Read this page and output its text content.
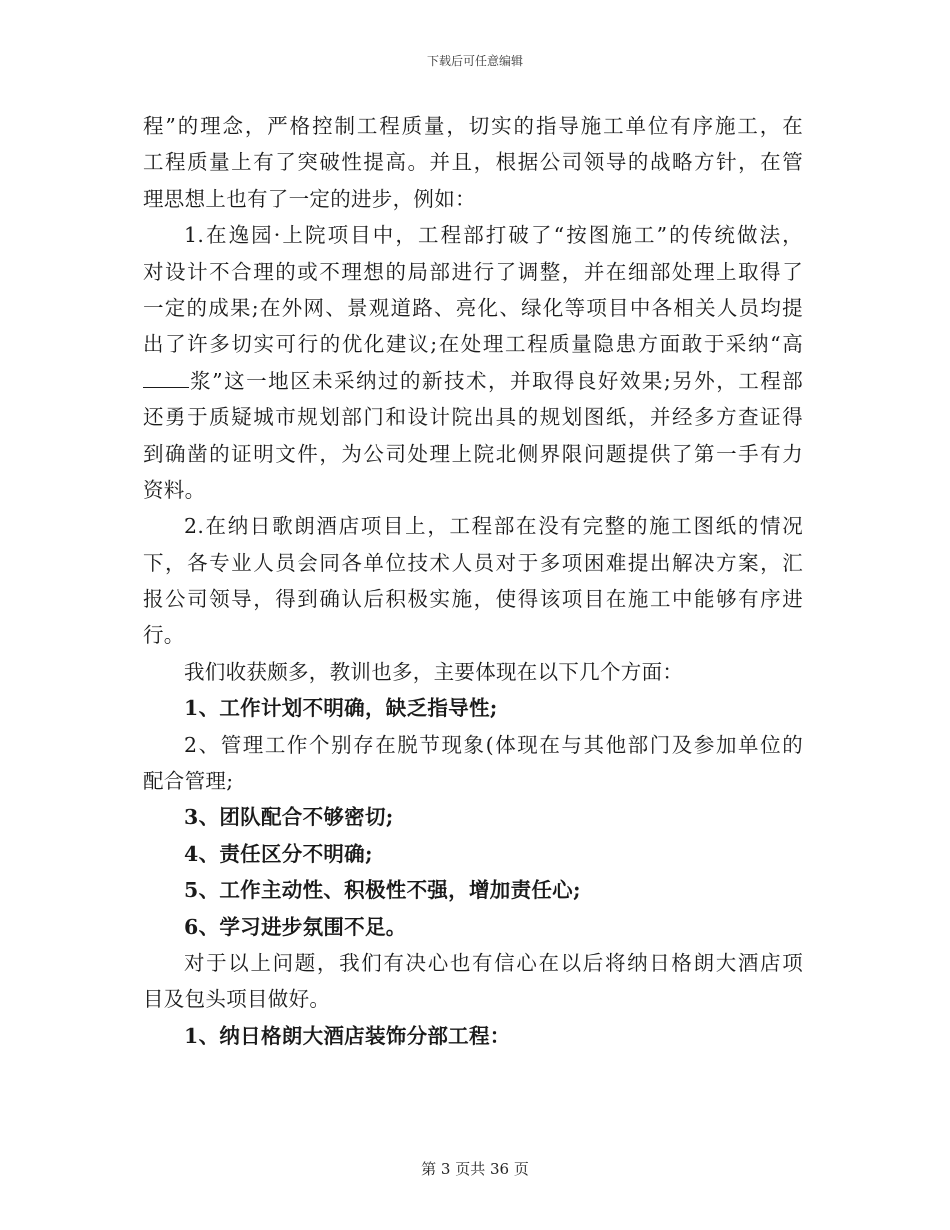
下载后可任意编辑
程”的理念，严格控制工程质量，切实的指导施工单位有序施工，在
工程质量上有了突破性提高。并且，根据公司领导的战略方针，在管
理思想上也有了一定的进步，例如：
1.在逸园·上院项目中，工程部打破了“按图施工”的传统做法，
对设计不合理的或不理想的局部进行了调整，并在细部处理上取得了
一定的成果;在外网、景观道路、亮化、绿化等项目中各相关人员均提
出了许多切实可行的优化建议;在处理工程质量隐患方面敢于采纳“高
浆”这一地区未采纳过的新技术，并取得良好效果;另外，工程部
还勇于质疑城市规划部门和设计院出具的规划图纸，并经多方查证得
到确凿的证明文件，为公司处理上院北侧界限问题提供了第一手有力
资料。
2.在纳日歌朗酒店项目上，工程部在没有完整的施工图纸的情况
下，各专业人员会同各单位技术人员对于多项困难提出解决方案，汇
报公司领导，得到确认后积极实施，使得该项目在施工中能够有序进
行。
我们收获颇多，教训也多，主要体现在以下几个方面：
1、工作计划不明确，缺乏指导性;
2、管理工作个别存在脱节现象(体现在与其他部门及参加单位的
配合管理;
3、团队配合不够密切;
4、责任区分不明确;
5、工作主动性、积极性不强，增加责任心;
6、学习进步氛围不足。
对于以上问题，我们有决心也有信心在以后将纳日格朗大酒店项
目及包头项目做好。
1、纳日格朗大酒店装饰分部工程：
第 3 页共 36 页
